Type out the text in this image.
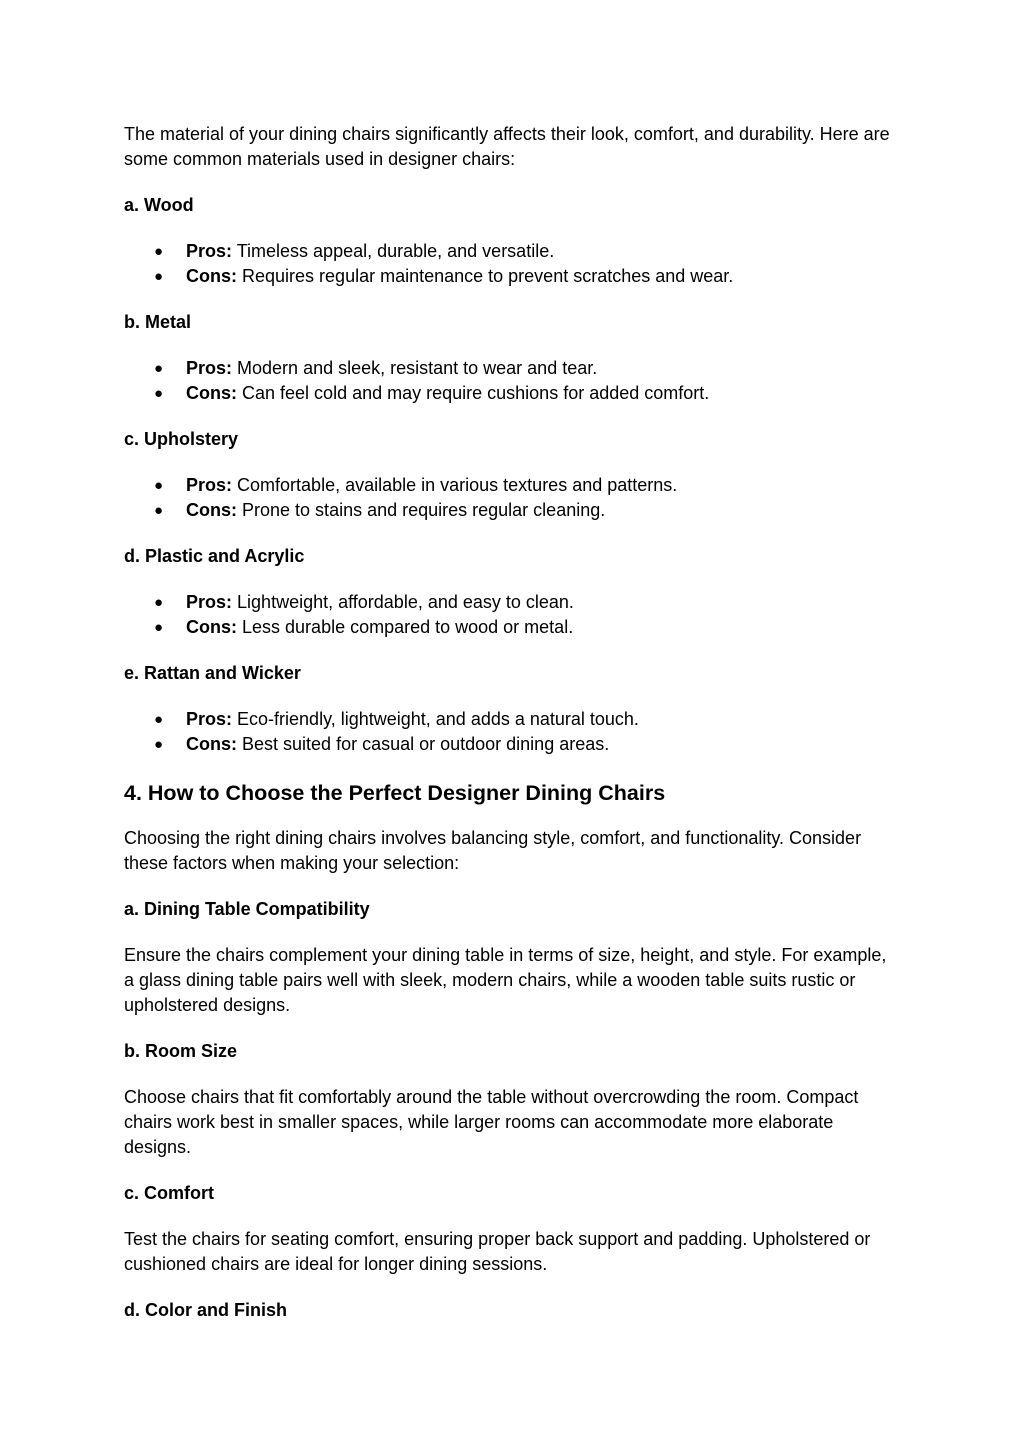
The material of your dining chairs significantly affects their look, comfort, and durability. Here are some common materials used in designer chairs:

a. Wood

● Pros: Timeless appeal, durable, and versatile.
● Cons: Requires regular maintenance to prevent scratches and wear.

b. Metal

● Pros: Modern and sleek, resistant to wear and tear.
● Cons: Can feel cold and may require cushions for added comfort.

c. Upholstery

● Pros: Comfortable, available in various textures and patterns.
● Cons: Prone to stains and requires regular cleaning.

d. Plastic and Acrylic

● Pros: Lightweight, affordable, and easy to clean.
● Cons: Less durable compared to wood or metal.

e. Rattan and Wicker

● Pros: Eco-friendly, lightweight, and adds a natural touch.
● Cons: Best suited for casual or outdoor dining areas.
4. How to Choose the Perfect Designer Dining Chairs

Choosing the right dining chairs involves balancing style, comfort, and functionality. Consider these factors when making your selection:

a. Dining Table Compatibility

Ensure the chairs complement your dining table in terms of size, height, and style. For example, a glass dining table pairs well with sleek, modern chairs, while a wooden table suits rustic or upholstered designs.

b. Room Size

Choose chairs that fit comfortably around the table without overcrowding the room. Compact chairs work best in smaller spaces, while larger rooms can accommodate more elaborate designs.

c. Comfort

Test the chairs for seating comfort, ensuring proper back support and padding. Upholstered or cushioned chairs are ideal for longer dining sessions.

d. Color and Finish
